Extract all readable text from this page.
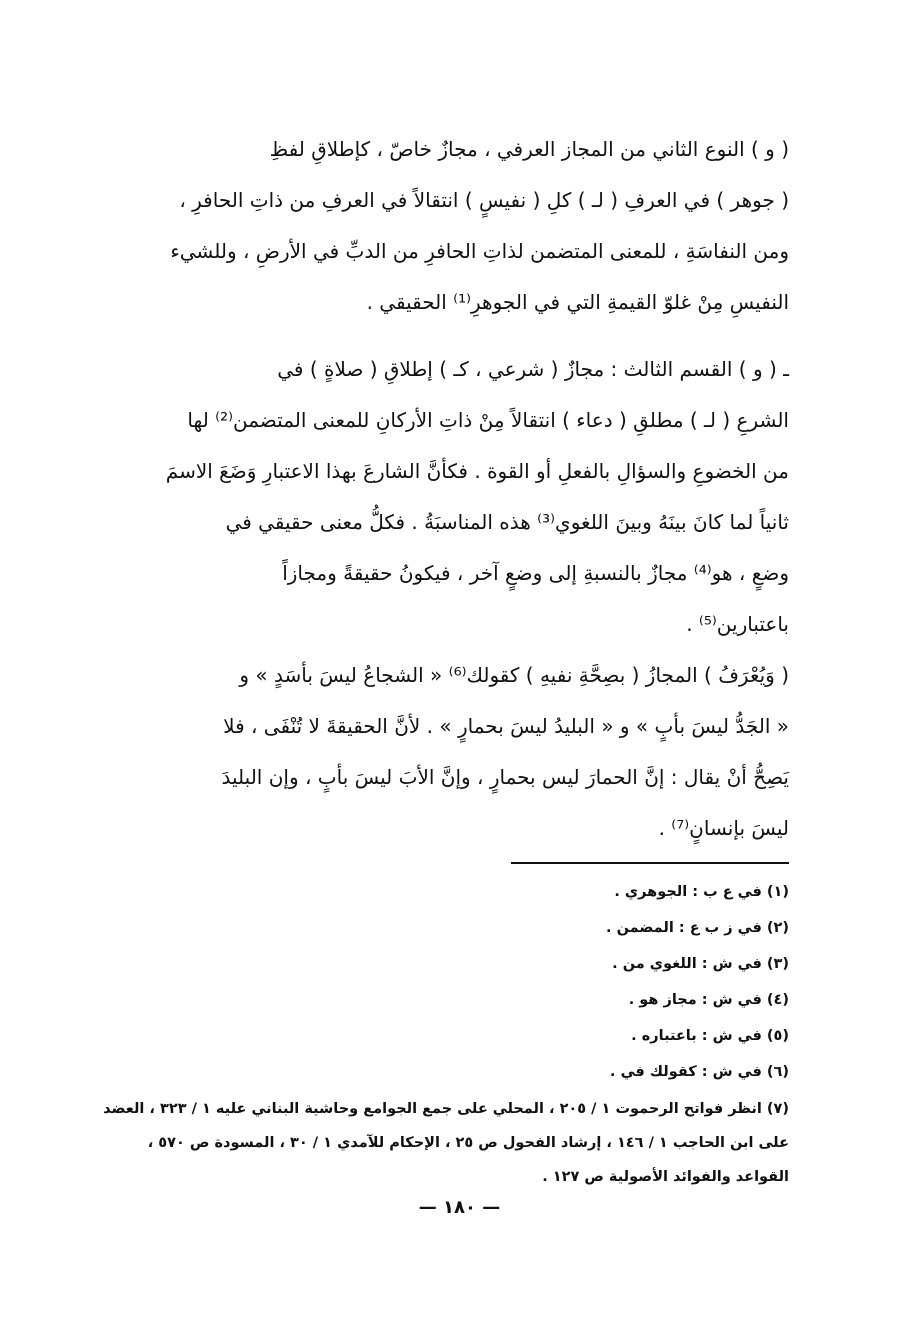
( و ) النوع الثاني من المجاز العرفي ، مجازٌ خاصّ ، كإطلاقِ لفظِ
( جوهر ) في العرفِ ( لـ ) كلِ ( نفيسٍ ) انتقالاً في العرفِ من ذاتِ الحافرِ ،
ومن النفاسَةِ ، للمعنى المتضمن لذاتِ الحافرِ من الدبِّ في الأرضِ ، وللشيء
النفيسِ مِنْ غلوّ القيمةِ التي في الجوهرِ⁽¹⁾ الحقيقي .

ـ ( و ) القسم الثالث : مجازٌ ( شرعي ، كـ ) إطلاقِ ( صلاةٍ ) في
الشرعِ ( لـ ) مطلقِ ( دعاء ) انتقالاً مِنْ ذاتِ الأركانِ للمعنى المتضمن⁽²⁾ لها
من الخضوعِ والسؤالِ بالفعلِ أو القوة . فكأنَّ الشارعَ بهذا الاعتبارِ وَضَعَ الاسمَ
ثانياً لما كانَ بينَهُ وبينَ اللغوي⁽³⁾ هذه المناسبَةُ . فكلُّ معنى حقيقي في
وضعٍ ، هو⁽⁴⁾ مجازٌ بالنسبةِ إلى وضعٍ آخر ، فيكونُ حقيقةً ومجازاً
باعتبارين⁽⁵⁾ .

( وَيُعْرَفُ ) المجازُ ( بصِحَّةِ نفيهِ ) كقولك⁽⁶⁾ « الشجاعُ ليسَ بأسَدٍ » و
« الجَدُّ ليسَ بأبٍ » و « البليدُ ليسَ بحمارٍ » . لأنَّ الحقيقةَ لا تُنْفَى ، فلا
يَصِحُّ أنْ يقال : إنَّ الحمارَ ليس بحمارٍ ، وإنَّ الأبَ ليسَ بأبٍ ، وإن البليدَ
ليسَ بإنسانٍ⁽⁷⁾ .

(١) في ع ب : الجوهري .
(٢) في ز ب ع : المضمن .
(٣) في ش : اللغوي من .
(٤) في ش : مجاز هو .
(٥) في ش : باعتباره .
(٦) في ش : كقولك في .
(٧) انظر فواتح الرحموت ١ / ٢٠٥ ، المحلي على جمع الجوامع وحاشية البناني عليه ١ / ٣٢٣ ، العضد
على ابن الحاجب ١ / ١٤٦ ، إرشاد الفحول ص ٢٥ ، الإحكام للآمدي ١ / ٣٠ ، المسودة ص ٥٧٠ ،
القواعد والفوائد الأصولية ص ١٢٧ .
— ١٨٠ —
